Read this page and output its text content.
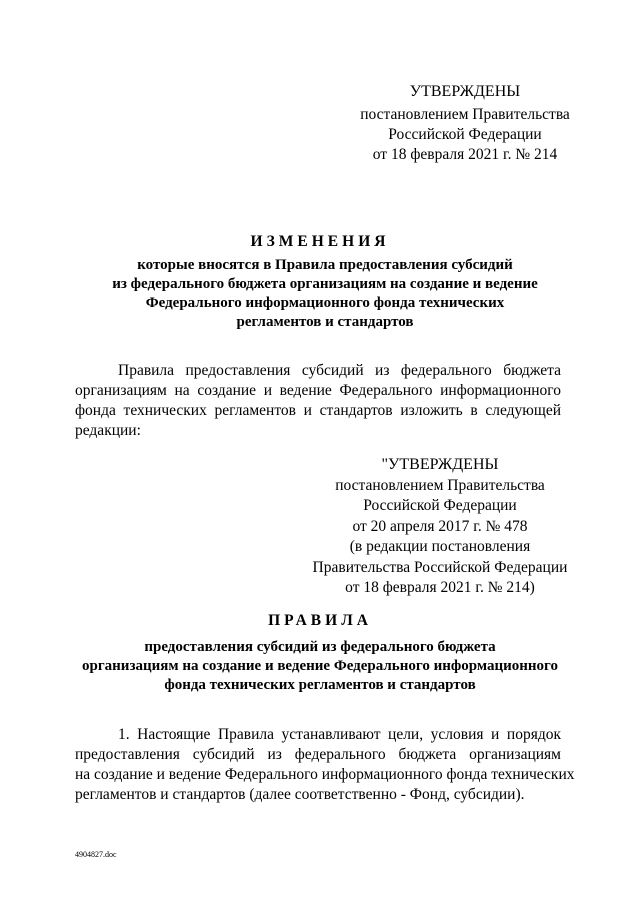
УТВЕРЖДЕНЫ
постановлением Правительства
Российской Федерации
от 18 февраля 2021 г. № 214
ИЗМЕНЕНИЯ
которые вносятся в Правила предоставления субсидий
из федерального бюджета организациям на создание и ведение
Федерального информационного фонда технических
регламентов и стандартов
Правила предоставления субсидий из федерального бюджета
организациям на создание и ведение Федерального информационного
фонда технических регламентов и стандартов изложить в следующей
редакции:
"УТВЕРЖДЕНЫ
постановлением Правительства
Российской Федерации
от 20 апреля 2017 г. № 478
(в редакции постановления
Правительства Российской Федерации
от 18 февраля 2021 г. № 214)
ПРАВИЛА
предоставления субсидий из федерального бюджета
организациям на создание и ведение Федерального информационного
фонда технических регламентов и стандартов
1. Настоящие Правила устанавливают цели, условия и порядок
предоставления субсидий из федерального бюджета организациям
на создание и ведение Федерального информационного фонда технических
регламентов и стандартов (далее соответственно - Фонд, субсидии).
4904827.doc
